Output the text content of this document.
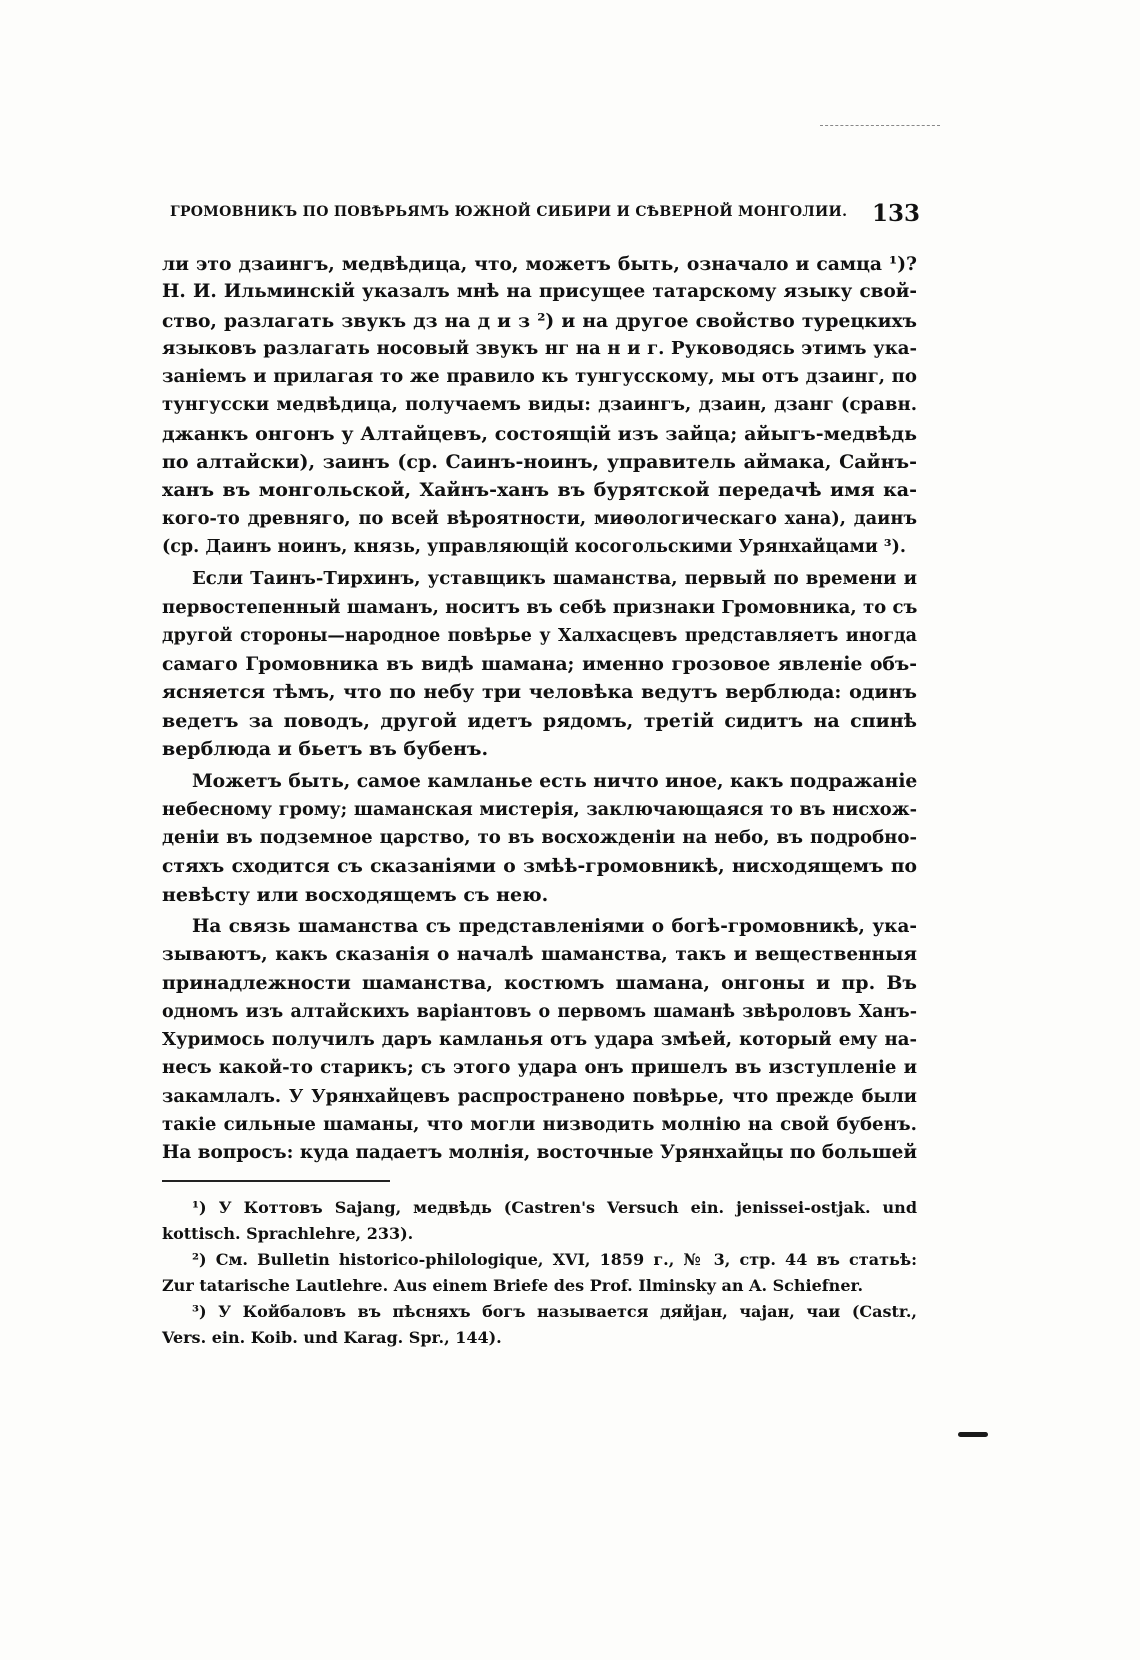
ГРОМОВНИКЪ ПО ПОВѢРЬЯМЪ ЮЖНОЙ СИБИРИ И СѢВЕРНОЙ МОНГОЛИИ. 133
ли это дзаингъ, медвѣдица, что, можетъ быть, означало и самца ¹)?
Н. И. Ильминскій указалъ мнѣ на присущее татарскому языку свой-
ство, разлагать звукъ дз на д и з ²) и на другое свойство турецкихъ
языковъ разлагать носовый звукъ нг на н и г. Руководясь этимъ ука-
заніемъ и прилагая то же правило къ тунгусскому, мы отъ дзаинг, по
тунгусски медвѣдица, получаемъ виды: дзаингъ, дзаин, дзанг (сравн.
джанкъ онгонъ у Алтайцевъ, состоящій изъ зайца; айыгъ-медвѣдь
по алтайски), заинъ (ср. Саинъ-ноинъ, управитель аймака, Сайнъ-
ханъ въ монгольской, Хайнъ-ханъ въ бурятской передачѣ имя ка-
кого-то древняго, по всей вѣроятности, миѳологическаго хана), даинъ
(ср. Даинъ ноинъ, князь, управляющій косогольскими Урянхайцами ³).
Если Таинъ-Тирхинъ, уставщикъ шаманства, первый по времени и
первостепенный шаманъ, носитъ въ себѣ признаки Громовника, то съ
другой стороны—народное повѣрье у Халхасцевъ представляетъ иногда
самаго Громовника въ видѣ шамана; именно грозовое явленіе объ-
ясняется тѣмъ, что по небу три человѣка ведутъ верблюда: одинъ
ведетъ за поводъ, другой идетъ рядомъ, третій сидитъ на спинѣ
верблюда и бьетъ въ бубенъ.
Можетъ быть, самое камланье есть ничто иное, какъ подражаніе
небесному грому; шаманская мистерія, заключающаяся то въ нисхож-
деніи въ подземное царство, то въ восхожденіи на небо, въ подробно-
стяхъ сходится съ сказаніями о змѣѣ-громовникѣ, нисходящемъ по
невѣсту или восходящемъ съ нею.
На связь шаманства съ представленіями о богѣ-громовникѣ, ука-
зываютъ, какъ сказанія о началѣ шаманства, такъ и вещественныя
принадлежности шаманства, костюмъ шамана, онгоны и пр. Въ
одномъ изъ алтайскихъ варіантовъ о первомъ шаманѣ звѣроловъ Ханъ-
Хуримось получилъ даръ камланья отъ удара змѣей, который ему на-
несъ какой-то старикъ; съ этого удара онъ пришелъ въ изступленіе и
закамлалъ. У Урянхайцевъ распространено повѣрье, что прежде были
такіе сильные шаманы, что могли низводить молнію на свой бубенъ.
На вопросъ: куда падаетъ молнія, восточные Урянхайцы по большей
¹) У Коттовъ Sajang, медвѣдь (Castren's Versuch ein. jenissei-ostjak. und
kottisch. Sprachlehre, 233).
²) См. Bulletin historico-philologique, XVI, 1859 г., № 3, стр. 44 въ статьѣ:
Zur tatarische Lautlehre. Aus einem Briefe des Prof. Ilminsky an A. Schiefner.
³) У Койбаловъ въ пѣсняхъ богъ называется дяйјан, чајан, чаи (Castr.,
Vers. ein. Koib. und Karag. Spr., 144).
